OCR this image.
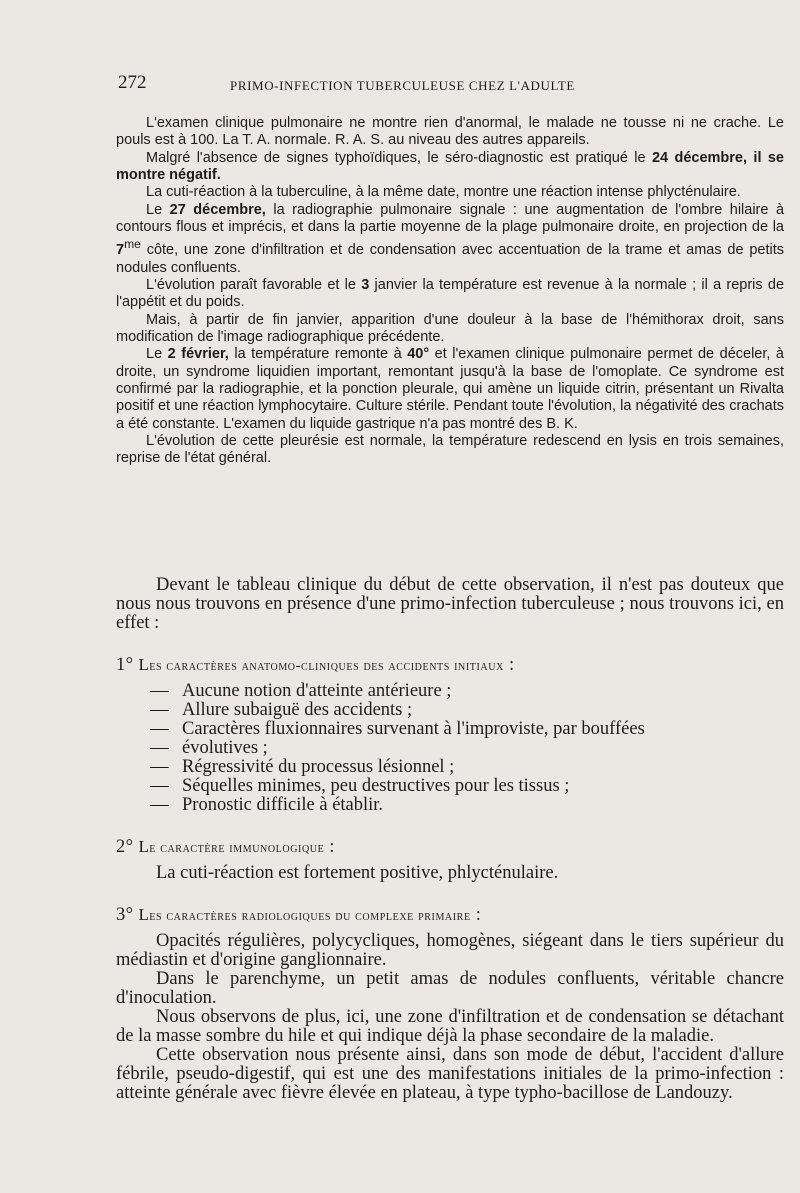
272	PRIMO-INFECTION TUBERCULEUSE CHEZ L'ADULTE

L'examen clinique pulmonaire ne montre rien d'anormal, le malade ne tousse ni ne crache. Le pouls est à 100. La T. A. normale. R. A. S. au niveau des autres appareils.

Malgré l'absence de signes typhoïdiques, le séro-diagnostic est pratiqué le 24 décembre, il se montre négatif.

La cuti-réaction à la tuberculine, à la même date, montre une réaction intense phlycténulaire.

Le 27 décembre, la radiographie pulmonaire signale : une augmentation de l'ombre hilaire à contours flous et imprécis, et dans la partie moyenne de la plage pulmonaire droite, en projection de la $7^{me}$ côte, une zone d'infiltration et de condensation avec accentuation de la trame et amas de petits nodules confluents.

L'évolution paraît favorable et le 3 janvier la température est revenue à la normale ; il a repris de l'appétit et du poids.

Mais, à partir de fin janvier, apparition d'une douleur à la base de l'hémithorax droit, sans modification de l'image radiographique précédente.

Le 2 février, la température remonte à 40° et l'examen clinique pulmonaire permet de déceler, à droite, un syndrome liquidien important, remontant jusqu'à la base de l'omoplate. Ce syndrome est confirmé par la radiographie, et la ponction pleurale, qui amène un liquide citrin, présentant un Rivalta positif et une réaction lymphocytaire. Culture stérile. Pendant toute l'évolution, la négativité des crachats a été constante. L'examen du liquide gastrique n'a pas montré des B. K.

L'évolution de cette pleurésie est normale, la température redescend en lysis en trois semaines, reprise de l'état général.

Devant le tableau clinique du début de cette observation, il n'est pas douteux que nous nous trouvons en présence d'une primo-infection tuberculeuse ; nous trouvons ici, en effet :

1° Les caractères anatomo-cliniques des accidents initiaux :

— Aucune notion d'atteinte antérieure ;
— Allure subaiguë des accidents ;
— Caractères fluxionnaires survenant à l'improviste, par bouffées
— évolutives ;
— Régressivité du processus lésionnel ;
— Séquelles minimes, peu destructives pour les tissus ;
— Pronostic difficile à établir.

2° Le caractère immunologique :

La cuti-réaction est fortement positive, phlycténulaire.

3° Les caractères radiologiques du complexe primaire :

Opacités régulières, polycycliques, homogènes, siégeant dans le tiers supérieur du médiastin et d'origine ganglionnaire.

Dans le parenchyme, un petit amas de nodules confluents, véritable chancre d'inoculation.

Nous observons de plus, ici, une zone d'infiltration et de condensation se détachant de la masse sombre du hile et qui indique déjà la phase secondaire de la maladie.

Cette observation nous présente ainsi, dans son mode de début, l'accident d'allure fébrile, pseudo-digestif, qui est une des manifestations initiales de la primo-infection : atteinte générale avec fièvre élevée en plateau, à type typho-bacillose de Landouzy.
